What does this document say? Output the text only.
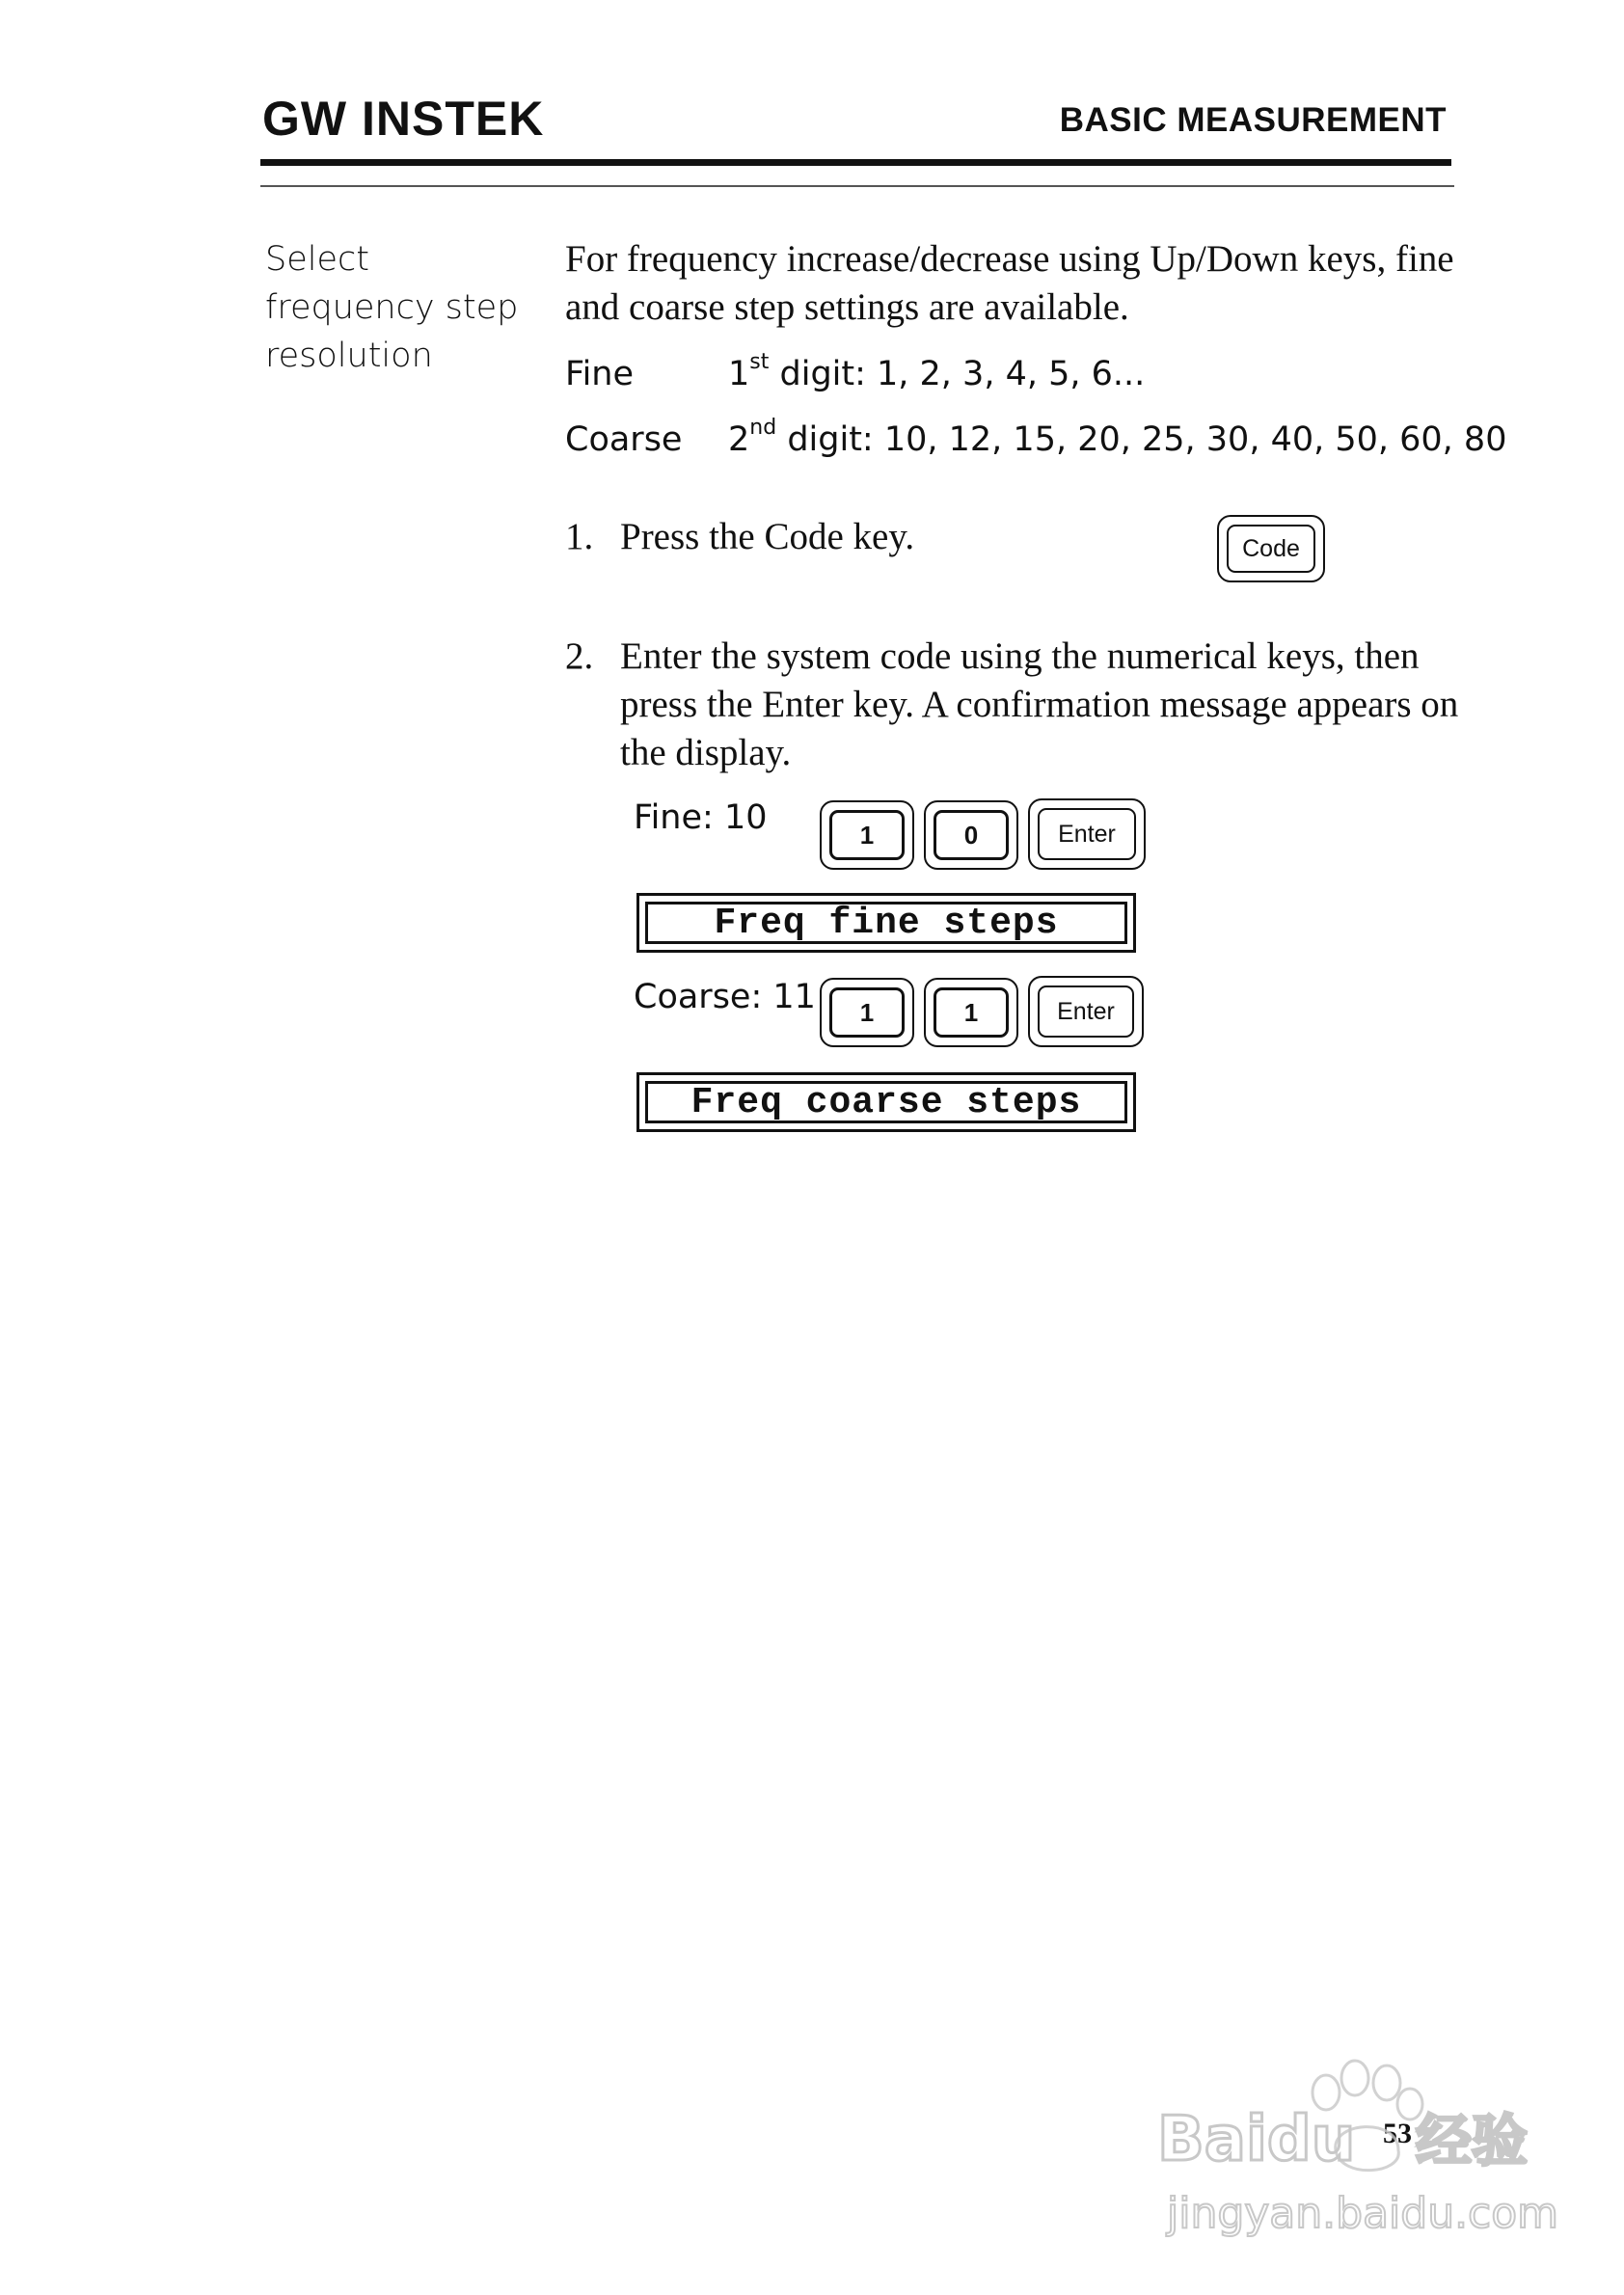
GW INSTEK	BASIC MEASUREMENT
Select frequency step resolution
For frequency increase/decrease using Up/Down keys, fine and coarse step settings are available.
Fine	1st digit: 1, 2, 3, 4, 5, 6...
Coarse 2nd digit: 10, 12, 15, 20, 25, 30, 40, 50, 60, 80
1. Press the Code key.	Code
2. Enter the system code using the numerical keys, then press the Enter key. A confirmation message appears on the display.
Fine: 10	1	0	Enter
Freq fine steps
Coarse: 11	1	1	Enter
Freq coarse steps
53
Baidu 经验
jingyan.baidu.com
